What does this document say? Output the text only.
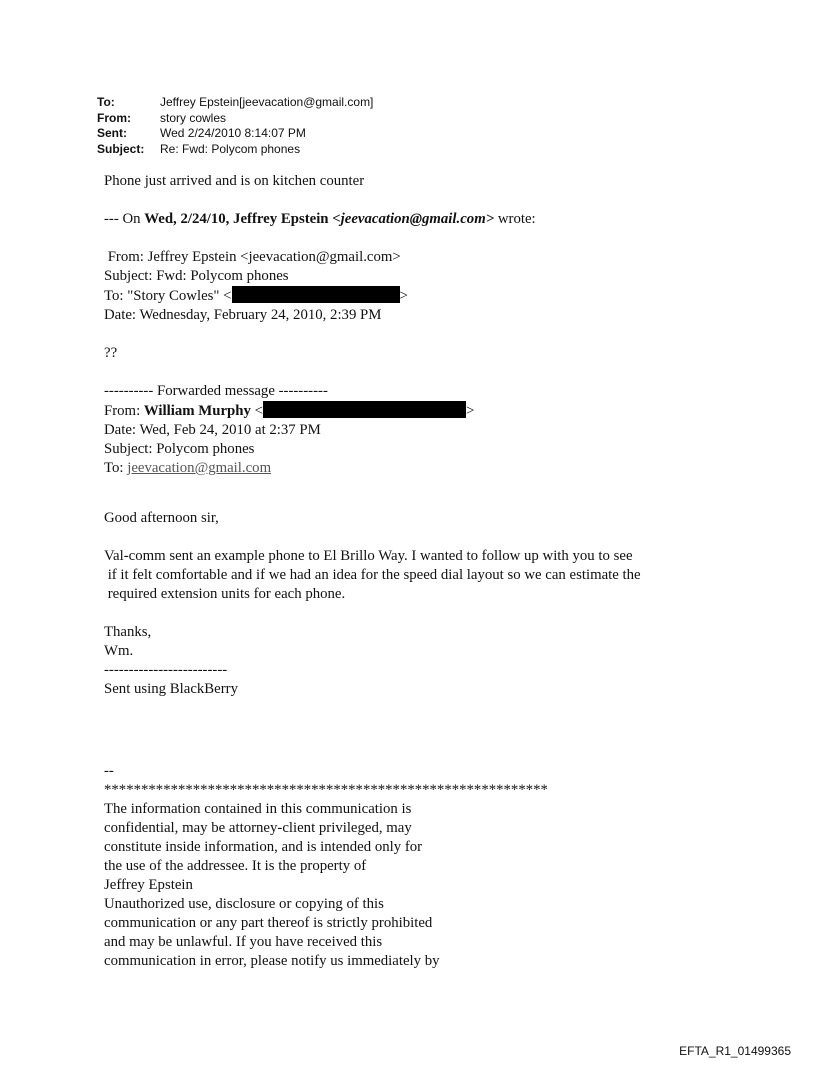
To:	Jeffrey Epstein[jeevacation@gmail.com]
From:	story cowles
Sent:	Wed 2/24/2010 8:14:07 PM
Subject:	Re: Fwd: Polycom phones
Phone just arrived and is on kitchen counter
--- On Wed, 2/24/10, Jeffrey Epstein <jeevacation@gmail.com> wrote:
From: Jeffrey Epstein <jeevacation@gmail.com>
Subject: Fwd: Polycom phones
To: "Story Cowles" <	>
Date: Wednesday, February 24, 2010, 2:39 PM
??
---------- Forwarded message ----------
From: William Murphy <	>
Date: Wed, Feb 24, 2010 at 2:37 PM
Subject: Polycom phones
To: jeevacation@gmail.com
Good afternoon sir,
Val-comm sent an example phone to El Brillo Way. I wanted to follow up with you to see
if it felt comfortable and if we had an idea for the speed dial layout so we can estimate the
required extension units for each phone.
Thanks,
Wm.
-------------------------
Sent using BlackBerry
--
************************************************************
The information contained in this communication is
confidential, may be attorney-client privileged, may
constitute inside information, and is intended only for
the use of the addressee. It is the property of
Jeffrey Epstein
Unauthorized use, disclosure or copying of this
communication or any part thereof is strictly prohibited
and may be unlawful. If you have received this
communication in error, please notify us immediately by
EFTA_R1_01499365
